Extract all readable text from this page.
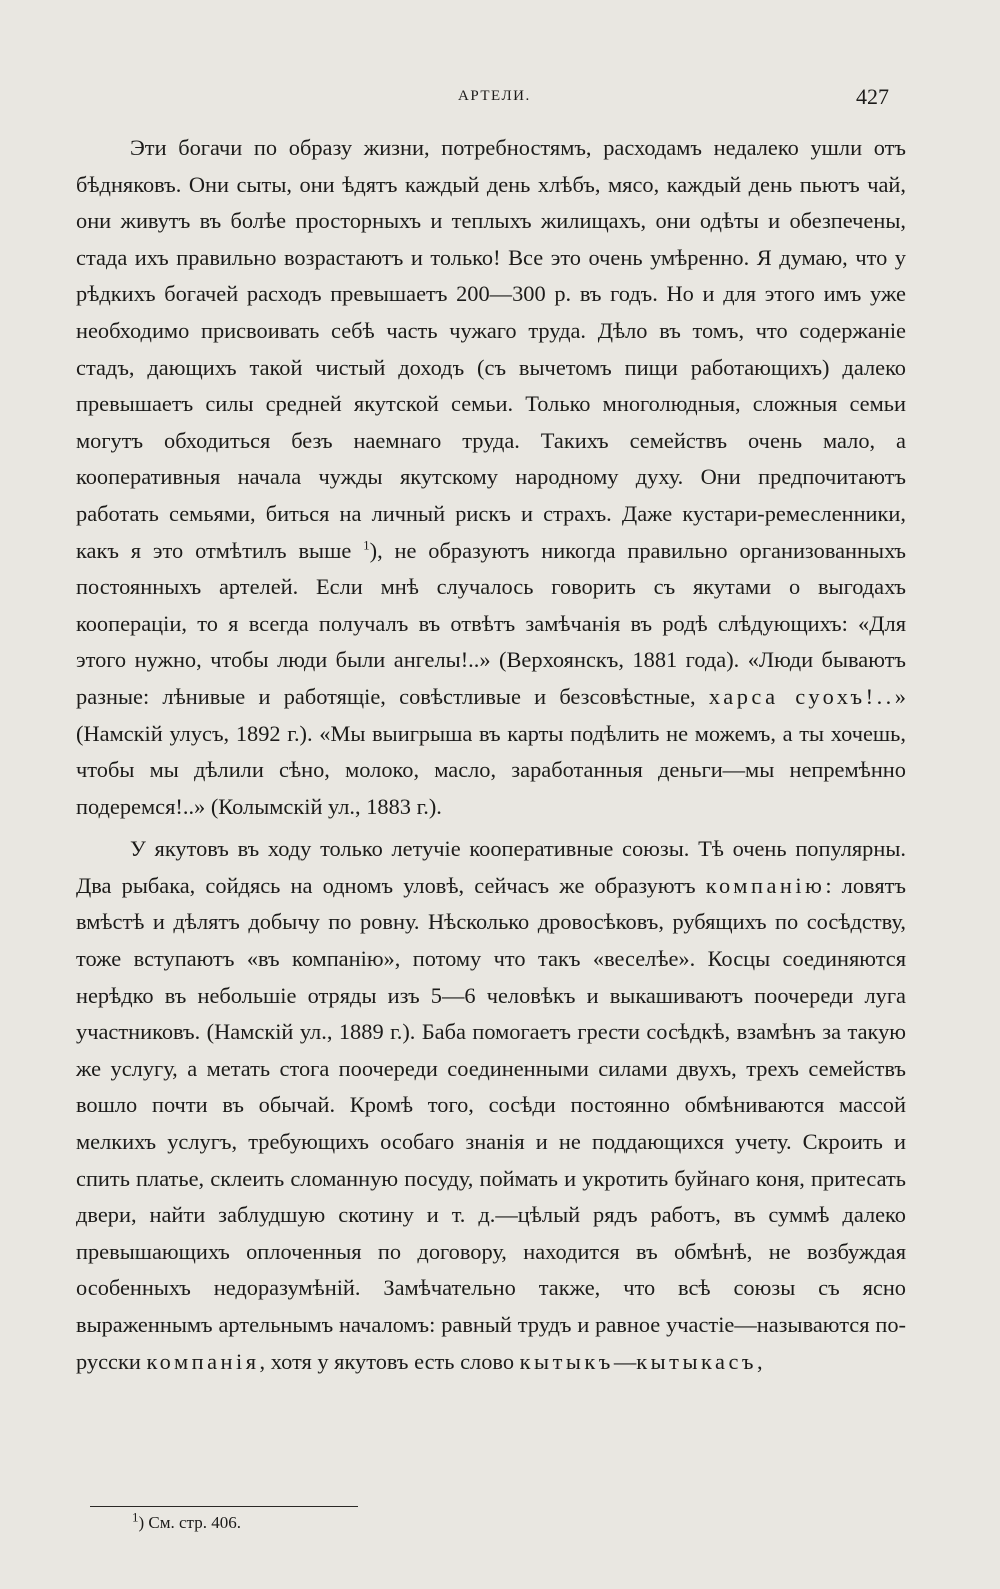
АРТЕЛИ.	427

Эти богачи по образу жизни, потребностямъ, расходамъ недалеко ушли отъ бѣдняковъ. Они сыты, они ѣдятъ каждый день хлѣбъ, мясо, каждый день пьютъ чай, они живутъ въ болѣе просторныхъ и теплыхъ жилищахъ, они одѣты и обезпечены, стада ихъ правильно возрастаютъ и только! Все это очень умѣренно. Я думаю, что у рѣдкихъ богачей расходъ превышаетъ 200—300 р. въ годъ. Но и для этого имъ уже необходимо присвоивать себѣ часть чужаго труда. Дѣло въ томъ, что содержаніе стадъ, дающихъ такой чистый доходъ (съ вычетомъ пищи работающихъ) далеко превышаетъ силы средней якутской семьи. Только многолюдныя, сложныя семьи могутъ обходиться безъ наемнаго труда. Такихъ семействъ очень мало, а кооперативныя начала чужды якутскому народному духу. Они предпочитаютъ работать семьями, биться на личный рискъ и страхъ. Даже кустари-ремесленники, какъ я это отмѣтилъ выше $^1$), не образуютъ никогда правильно организованныхъ постоянныхъ артелей. Если мнѣ случалось говорить съ якутами о выгодахъ коопераціи, то я всегда получалъ въ отвѣтъ замѣчанія въ родѣ слѣдующихъ: «Для этого нужно, чтобы люди были ангелы!..» (Верхоянскъ, 1881 года). «Люди бываютъ разные: лѣнивые и работящіе, совѣстливые и безсовѣстные, харса суохъ!..» (Намскій улусъ, 1892 г.). «Мы выигрыша въ карты подѣлить не можемъ, а ты хочешь, чтобы мы дѣлили сѣно, молоко, масло, заработанныя деньги—мы непремѣнно подеремся!..» (Колымскій ул., 1883 г.).

У якутовъ въ ходу только летучіе кооперативные союзы. Тѣ очень популярны. Два рыбака, сойдясь на одномъ уловѣ, сейчасъ же образуютъ компанію: ловятъ вмѣстѣ и дѣлятъ добычу по ровну. Нѣсколько дровосѣковъ, рубящихъ по сосѣдству, тоже вступаютъ «въ компанію», потому что такъ «веселѣе». Косцы соединяются нерѣдко въ небольшіе отряды изъ 5—6 человѣкъ и выкашиваютъ поочереди луга участниковъ. (Намскій ул., 1889 г.). Баба помогаетъ грести сосѣдкѣ, взамѣнъ за такую же услугу, а метать стога поочереди соединенными силами двухъ, трехъ семействъ вошло почти въ обычай. Кромѣ того, сосѣди постоянно обмѣниваются массой мелкихъ услугъ, требующихъ особаго знанія и не поддающихся учету. Скроить и спить платье, склеить сломанную посуду, поймать и укротить буйнаго коня, притесать двери, найти заблудшую скотину и т. д.—цѣлый рядъ работъ, въ суммѣ далеко превышающихъ оплоченныя по договору, находится въ обмѣнѣ, не возбуждая особенныхъ недоразумѣній. Замѣчательно также, что всѣ союзы съ ясно выраженнымъ артельнымъ началомъ: равный трудъ и равное участіе—называются по-русски компанія, хотя у якутовъ есть слово кытыкъ—кытыкасъ,

$^1$) См. стр. 406.
